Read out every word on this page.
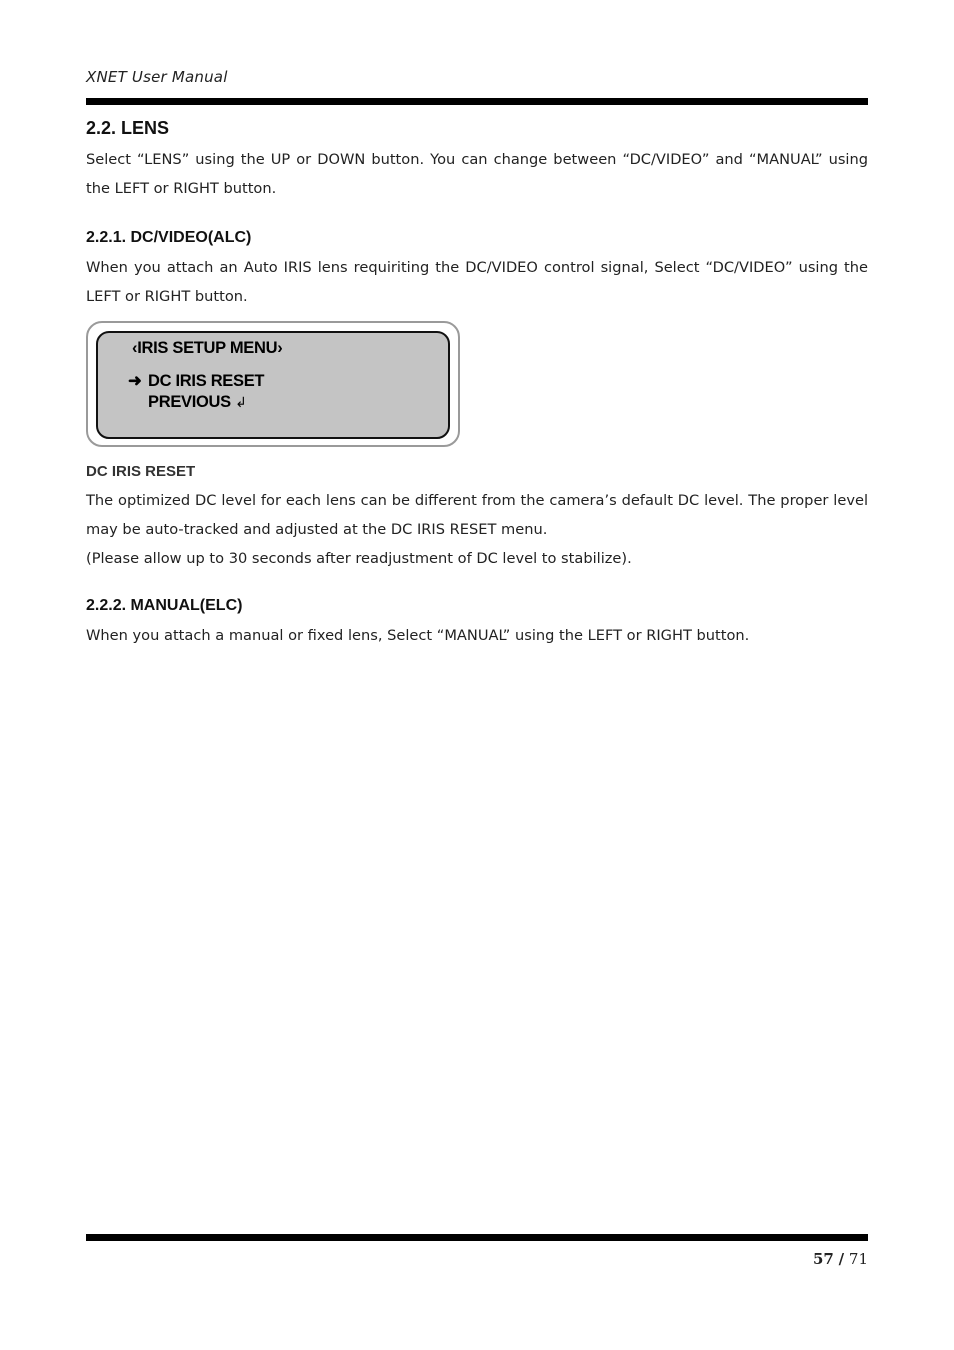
XNET User Manual
2.2. LENS

Select “LENS” using the UP or DOWN button. You can change between “DC/VIDEO” and “MANUAL” using the LEFT or RIGHT button.

2.2.1. DC/VIDEO(ALC)

When you attach an Auto IRIS lens requiriting the DC/VIDEO control signal, Select “DC/VIDEO” using the LEFT or RIGHT button.

‹IRIS SETUP MENU›
➜ DC IRIS RESET
PREVIOUS ↲
DC IRIS RESET

The optimized DC level for each lens can be different from the camera’s default DC level. The proper level may be auto-tracked and adjusted at the DC IRIS RESET menu.

(Please allow up to 30 seconds after readjustment of DC level to stabilize).

2.2.2. MANUAL(ELC)

When you attach a manual or fixed lens, Select “MANUAL” using the LEFT or RIGHT button.

57 / 71
